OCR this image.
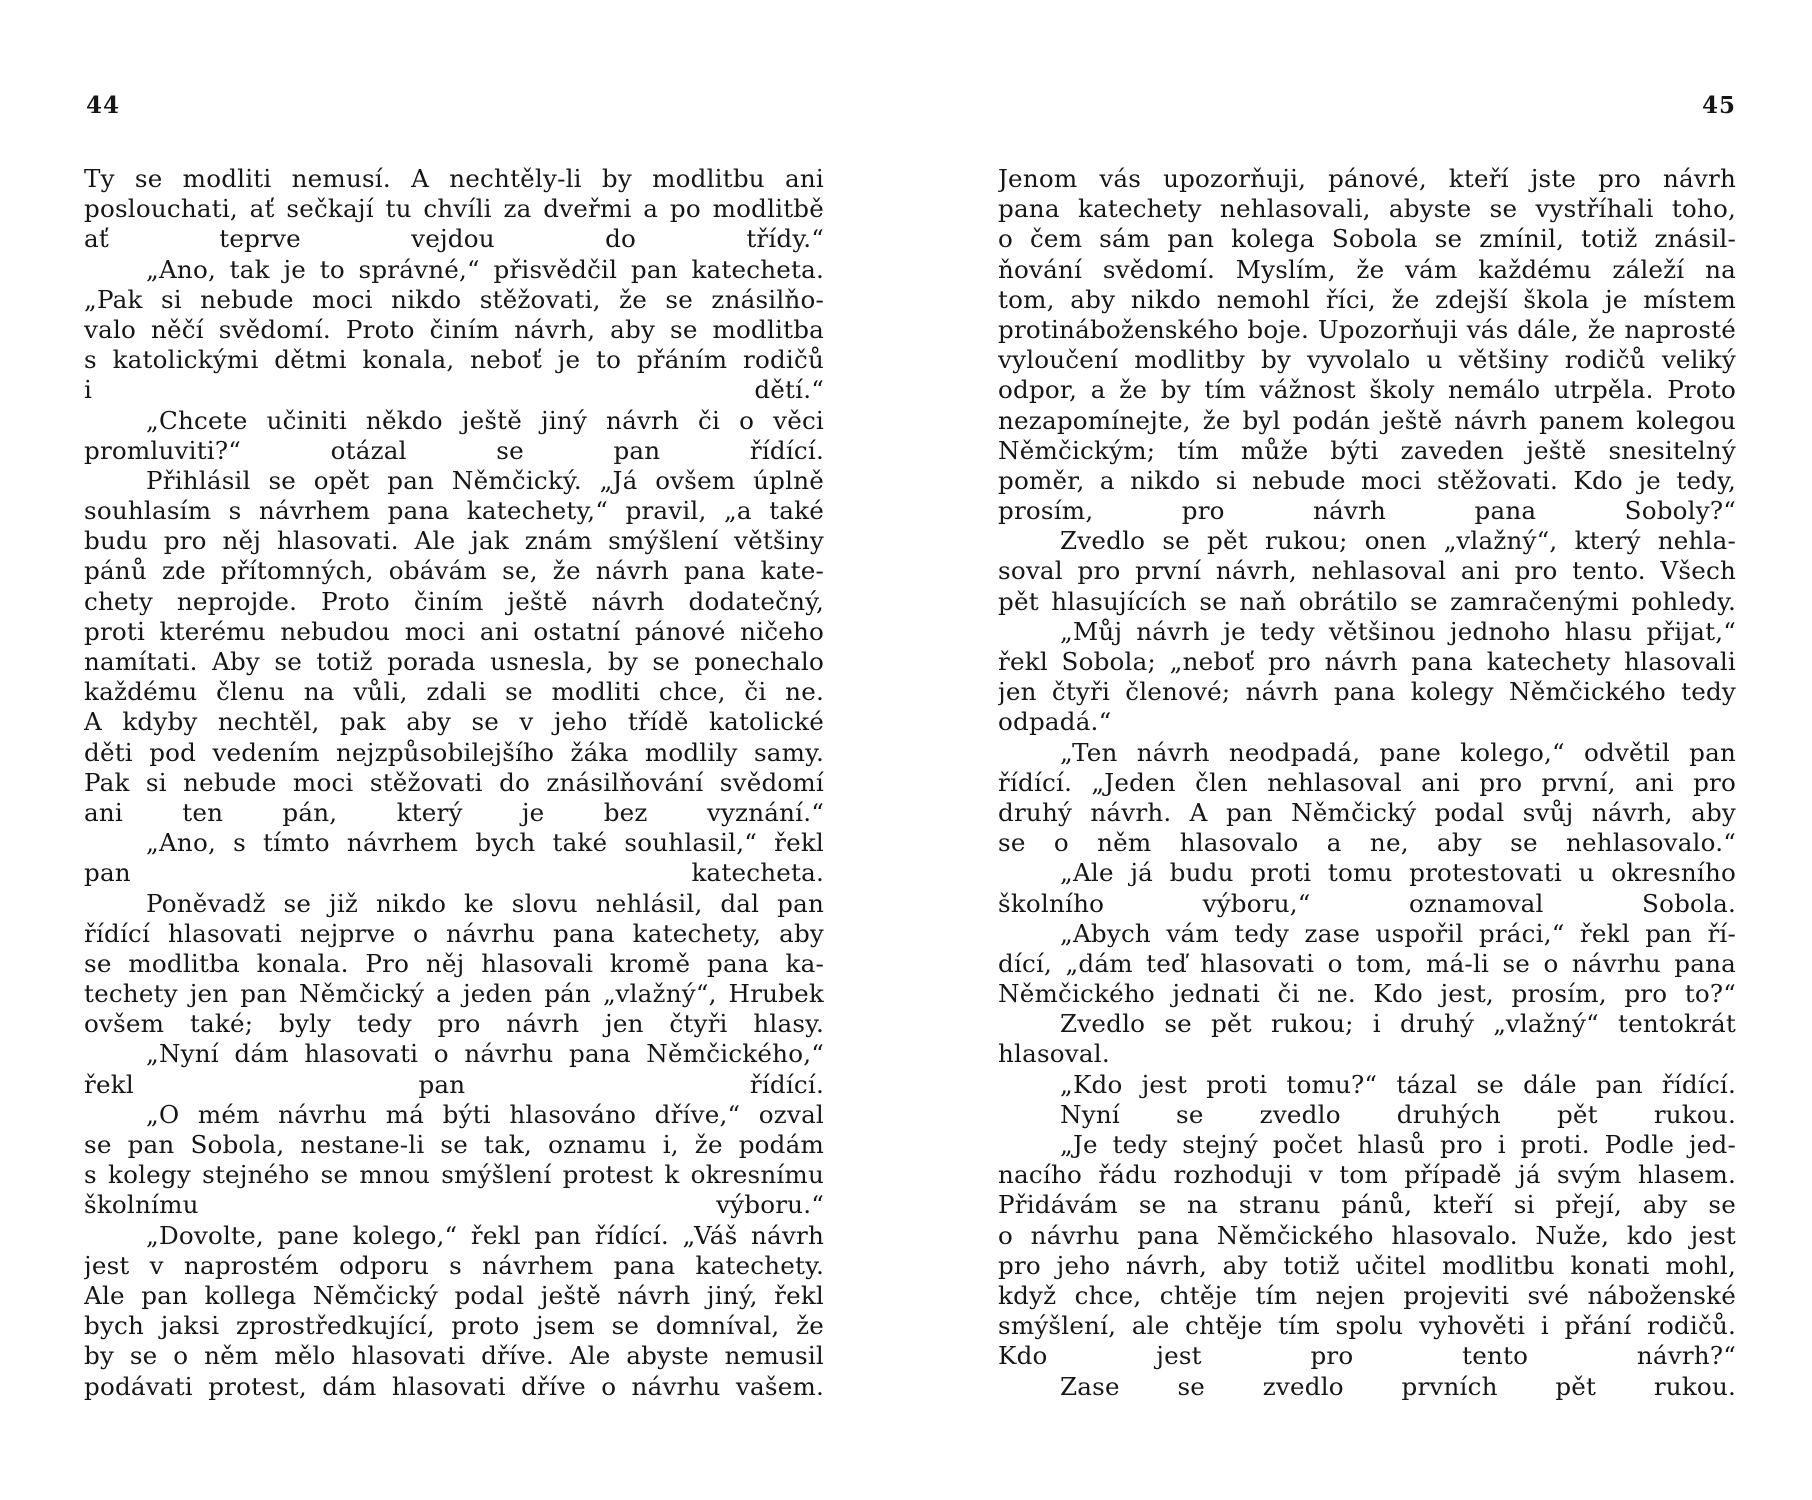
44
Ty se modliti nemusí. A nechtěly-li by modlitbu ani
poslouchati, ať sečkají tu chvíli za dveřmi a po modlitbě
ať teprve vejdou do třídy.“
„Ano, tak je to správné,“ přisvědčil pan katecheta.
„Pak si nebude moci nikdo stěžovati, že se znásilňo-
valo něčí svědomí. Proto činím návrh, aby se modlitba
s katolickými dětmi konala, neboť je to přáním rodičů
i dětí.“
„Chcete učiniti někdo ještě jiný návrh či o věci
promluviti?“ otázal se pan řídící.
Přihlásil se opět pan Němčický. „Já ovšem úplně
souhlasím s návrhem pana katechety,“ pravil, „a také
budu pro něj hlasovati. Ale jak znám smýšlení většiny
pánů zde přítomných, obávám se, že návrh pana kate-
chety neprojde. Proto činím ještě návrh dodatečný,
proti kterému nebudou moci ani ostatní pánové ničeho
namítati. Aby se totiž porada usnesla, by se ponechalo
každému členu na vůli, zdali se modliti chce, či ne.
A kdyby nechtěl, pak aby se v jeho třídě katolické
děti pod vedením nejzpůsobilejšího žáka modlily samy.
Pak si nebude moci stěžovati do znásilňování svědomí
ani ten pán, který je bez vyznání.“
„Ano, s tímto návrhem bych také souhlasil,“ řekl
pan katecheta.
Poněvadž se již nikdo ke slovu nehlásil, dal pan
řídící hlasovati nejprve o návrhu pana katechety, aby
se modlitba konala. Pro něj hlasovali kromě pana ka-
techety jen pan Němčický a jeden pán „vlažný“, Hrubek
ovšem také; byly tedy pro návrh jen čtyři hlasy.
„Nyní dám hlasovati o návrhu pana Němčického,“
řekl pan řídící.
„O mém návrhu má býti hlasováno dříve,“ ozval
se pan Sobola, nestane-li se tak, oznamu i, že podám
s kolegy stejného se mnou smýšlení protest k okresnímu
školnímu výboru.“
„Dovolte, pane kolego,“ řekl pan řídící. „Váš návrh
jest v naprostém odporu s návrhem pana katechety.
Ale pan kollega Němčický podal ještě návrh jiný, řekl
bych jaksi zprostředkující, proto jsem se domníval, že
by se o něm mělo hlasovati dříve. Ale abyste nemusil
podávati protest, dám hlasovati dříve o návrhu vašem.
45
Jenom vás upozorňuji, pánové, kteří jste pro návrh
pana katechety nehlasovali, abyste se vystříhali toho,
o čem sám pan kolega Sobola se zmínil, totiž znásil-
ňování svědomí. Myslím, že vám každému záleží na
tom, aby nikdo nemohl říci, že zdejší škola je místem
protináboženského boje. Upozorňuji vás dále, že naprosté
vyloučení modlitby by vyvolalo u většiny rodičů veliký
odpor, a že by tím vážnost školy nemálo utrpěla. Proto
nezapomínejte, že byl podán ještě návrh panem kolegou
Němčickým; tím může býti zaveden ještě snesitelný
poměr, a nikdo si nebude moci stěžovati. Kdo je tedy,
prosím, pro návrh pana Soboly?“
Zvedlo se pět rukou; onen „vlažný“, který nehla-
soval pro první návrh, nehlasoval ani pro tento. Všech
pět hlasujících se naň obrátilo se zamračenými pohledy.
„Můj návrh je tedy většinou jednoho hlasu přijat,“
řekl Sobola; „neboť pro návrh pana katechety hlasovali
jen čtyři členové; návrh pana kolegy Němčického tedy
odpadá.“
„Ten návrh neodpadá, pane kolego,“ odvětil pan
řídící. „Jeden člen nehlasoval ani pro první, ani pro
druhý návrh. A pan Němčický podal svůj návrh, aby
se o něm hlasovalo a ne, aby se nehlasovalo.“
„Ale já budu proti tomu protestovati u okresního
školního výboru,“ oznamoval Sobola.
„Abych vám tedy zase uspořil práci,“ řekl pan ří-
dící, „dám teď hlasovati o tom, má-li se o návrhu pana
Němčického jednati či ne. Kdo jest, prosím, pro to?“
Zvedlo se pět rukou; i druhý „vlažný“ tentokrát
hlasoval.
„Kdo jest proti tomu?“ tázal se dále pan řídící.
Nyní se zvedlo druhých pět rukou.
„Je tedy stejný počet hlasů pro i proti. Podle jed-
nacího řádu rozhoduji v tom případě já svým hlasem.
Přidávám se na stranu pánů, kteří si přejí, aby se
o návrhu pana Němčického hlasovalo. Nuže, kdo jest
pro jeho návrh, aby totiž učitel modlitbu konati mohl,
když chce, chtěje tím nejen projeviti své náboženské
smýšlení, ale chtěje tím spolu vyhověti i přání rodičů.
Kdo jest pro tento návrh?“
Zase se zvedlo prvních pět rukou.
